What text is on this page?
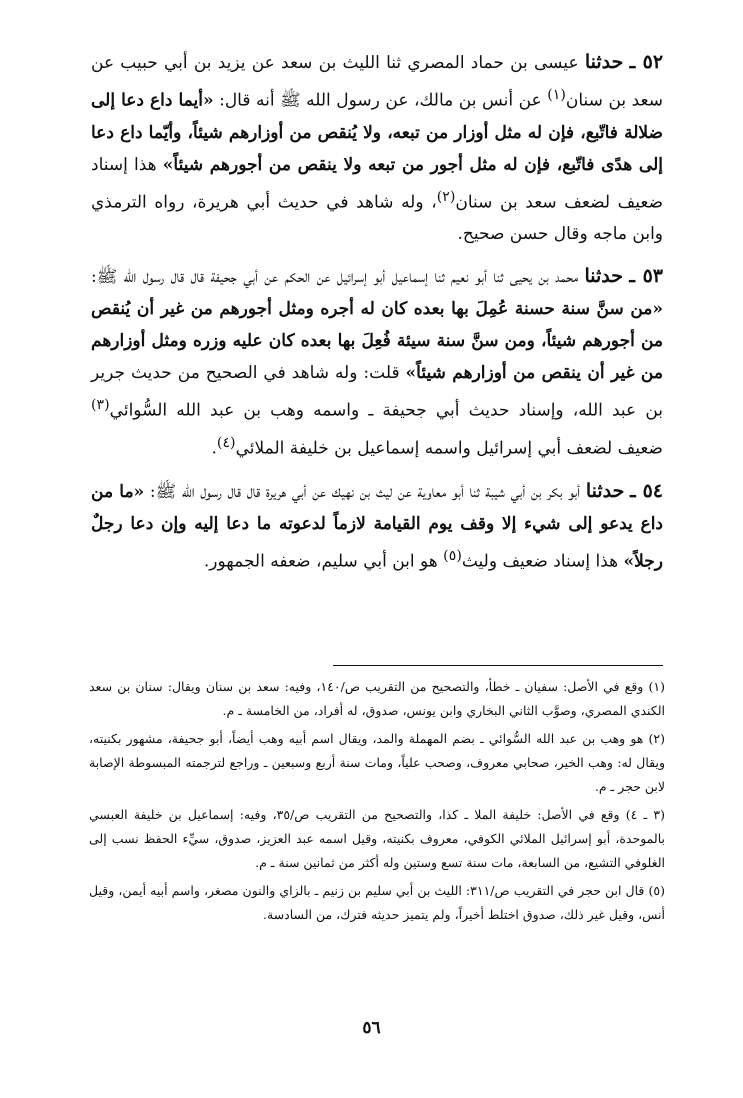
٥٢ ـ حدثنا عيسى بن حماد المصري ثنا الليث بن سعد عن يزيد بن أبي حبيب عن سعد بن سنان$^{(١)}$ عن أنس بن مالك، عن رسول الله ﷺ أنه قال: «أيما داع دعا إلى ضلالة فاتّبع، فإن له مثل أوزار من تبعه، ولا يُنقص من أوزارهم شيئاً، وأيّما داع دعا إلى هدًى فاتّبع، فإن له مثل أجور من تبعه ولا ينقص من أجورهم شيئاً» هذا إسناد ضعيف لضعف سعد بن سنان$^{(٢)}$، وله شاهد في حديث أبي هريرة، رواه الترمذي وابن ماجه وقال حسن صحيح.

٥٣ ـ حدثنا محمد بن يحيى ثنا أبو نعيم ثنا إسماعيل أبو إسرائيل عن الحكم عن أبي جحيفة قال قال رسول الله ﷺ: «من سنَّ سنة حسنة عُمِلَ بها بعده كان له أجره ومثل أجورهم من غير أن يُنقص من أجورهم شيئاً، ومن سنَّ سنة سيئة فُعِلَ بها بعده كان عليه وزره ومثل أوزارهم من غير أن ينقص من أوزارهم شيئاً» قلت: وله شاهد في الصحيح من حديث جرير بن عبد الله، وإسناد حديث أبي جحيفة ـ واسمه وهب بن عبد الله السُّوائي$^{(٣)}$ ضعيف لضعف أبي إسرائيل واسمه إسماعيل بن خليفة الملائي$^{(٤)}$.

٥٤ ـ حدثنا أبو بكر بن أبي شيبة ثنا أبو معاوية عن ليث بن نهيك عن أبي هريرة قال قال رسول الله ﷺ: «ما من داع يدعو إلى شيء إلا وقف يوم القيامة لازماً لدعوته ما دعا إليه وإن دعا رجلٌ رجلاً» هذا إسناد ضعيف وليث$^{(٥)}$ هو ابن أبي سليم، ضعفه الجمهور.

(١) وقع في الأصل: سفيان ـ خطأ، والتصحيح من التقريب ص/١٤٠، وفيه: سعد بن سنان ويقال: سنان بن سعد الكندي المصري، وصوَّب الثاني البخاري وابن يونس، صدوق، له أفراد، من الخامسة ـ م.

(٢) هو وهب بن عبد الله السُّوائي ـ بضم المهملة والمد، ويقال اسم أبيه وهب أيضاً، أبو جحيفة، مشهور بكنيته، ويقال له: وهب الخير، صحابي معروف، وصحب علياً، ومات سنة أربع وسبعين ـ وراجع لترجمته المبسوطة الإصابة لابن حجر ـ م.

(٣ ـ ٤) وقع في الأصل: خليفة الملا ـ كذا، والتصحيح من التقريب ص/٣٥، وفيه: إسماعيل بن خليفة العبسي بالموحدة، أبو إسرائيل الملائي الكوفي، معروف بكنيته، وقيل اسمه عبد العزيز، صدوق، سيِّء الحفظ نسب إلى الغلوفي التشيع، من السابعة، مات سنة تسع وستين وله أكثر من ثمانين سنة ـ م.

(٥) قال ابن حجر في التقريب ص/٣١١: الليث بن أبي سليم بن زنيم ـ بالزاي والنون مصغر، واسم أبيه أيمن، وقيل أنس، وقيل غير ذلك، صدوق اختلط أخيراً، ولم يتميز حديثه فترك، من السادسة.

٥٦
